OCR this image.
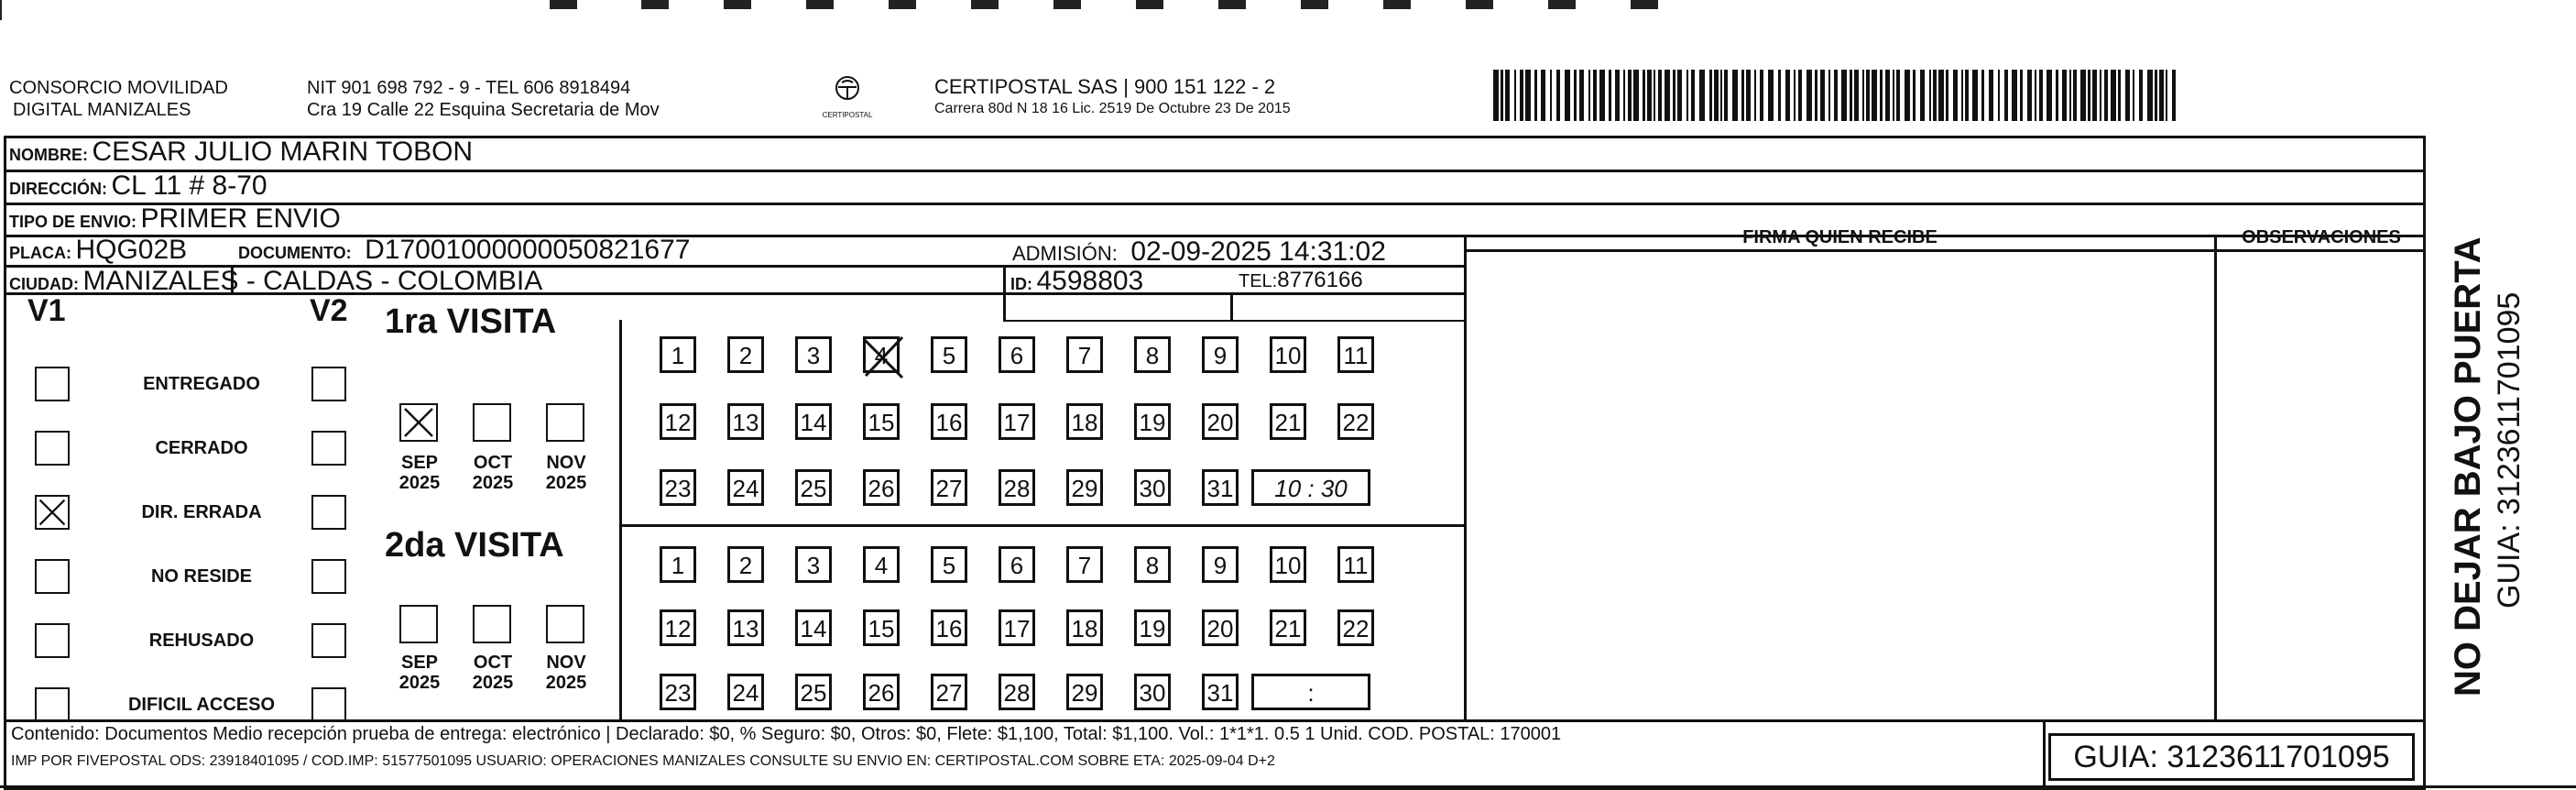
CONSORCIO MOVILIDAD
DIGITAL MANIZALES
NIT 901 698 792 - 9 - TEL 606 8918494
Cra 19 Calle 22 Esquina Secretaria de Mov	CERTIPOSTAL
CERTIPOSTAL SAS | 900 151 122 - 2
Carrera 80d N 18 16 Lic. 2519 De Octubre 23 De 2015
NOMBRE: CESAR JULIO MARIN TOBON
DIRECCIÓN: CL 11 # 8-70
TIPO DE ENVIO: PRIMER ENVIO
PLACA: HQG02B	DOCUMENTO: D17001000000050821677	ADMISIÓN: 02-09-2025 14:31:02
CIUDAD: MANIZALES - CALDAS - COLOMBIA	ID: 4598803	TEL:8776166
FIRMA QUIEN RECIBE	OBSERVACIONES
V1	V2
ENTREGADO
CERRADO
DIR. ERRADA
NO RESIDE
REHUSADO
DIFICIL ACCESO
1ra VISITA
2da VISITA
SEP
2025
OCT
2025
NOV
2025
SEP
2025
OCT
2025
NOV
2025
1	2	3	4	5	6	7	8	9	10 11
12 13 14 15 16 17 18 19 20 21 22
23 24 25 26 27 28 29 30 31	10 : 30
1	2	3	4	5	6	7	8	9	10 11
12 13 14 15 16 17 18 19 20 21 22
23 24 25 26 27 28 29 30 31	:
Contenido: Documentos Medio recepción prueba de entrega: electrónico | Declarado: $0, % Seguro: $0, Otros: $0, Flete: $1,100, Total: $1,100. Vol.: 1*1*1. 0.5 1 Unid. COD. POSTAL: 170001
IMP POR FIVEPOSTAL ODS: 23918401095 / COD.IMP: 51577501095 USUARIO: OPERACIONES MANIZALES CONSULTE SU ENVIO EN: CERTIPOSTAL.COM SOBRE ETA: 2025-09-04 D+2	GUIA: 3123611701095
NO DEJAR BAJO PUERTA GUIA: 3123611701095
